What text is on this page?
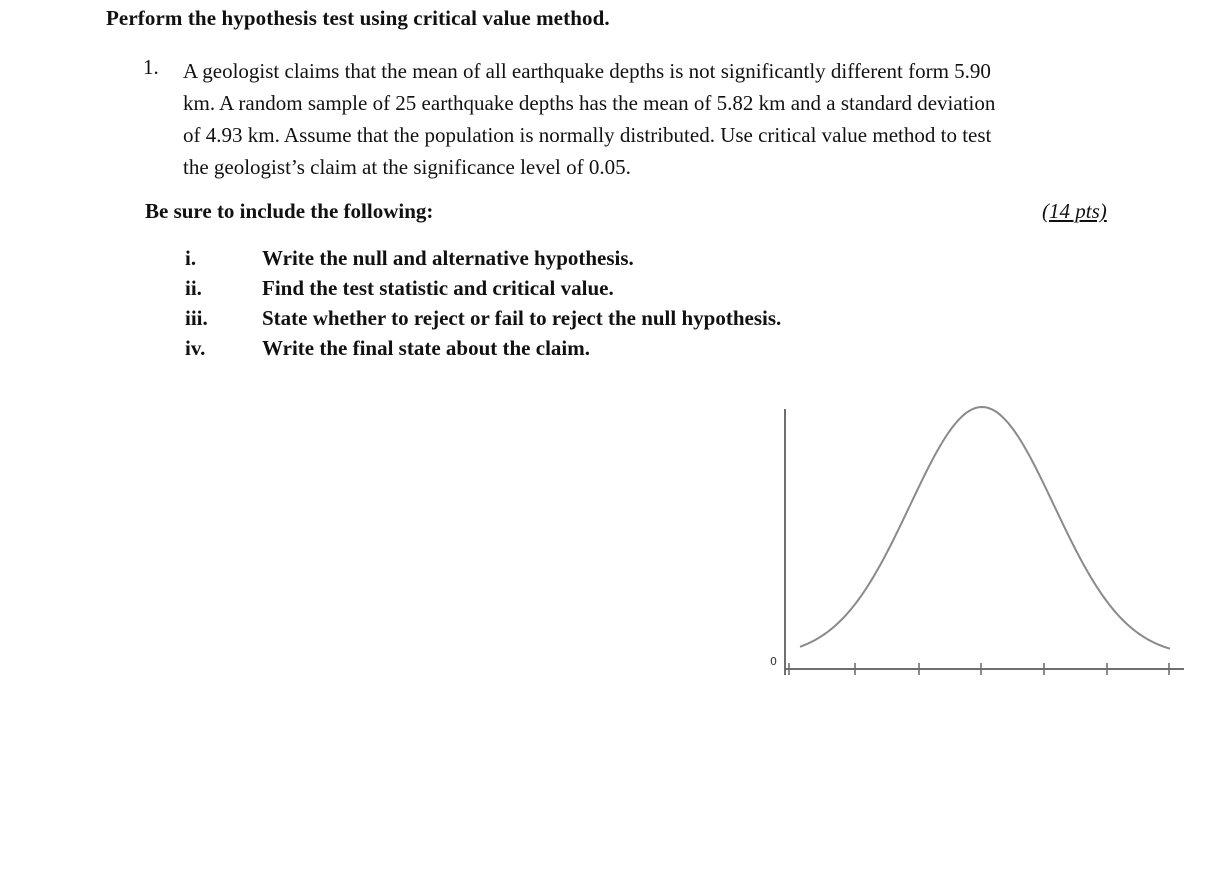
Perform the hypothesis test using critical value method.
1. A geologist claims that the mean of all earthquake depths is not significantly different form 5.90
km. A random sample of 25 earthquake depths has the mean of 5.82 km and a standard deviation
of 4.93 km. Assume that the population is normally distributed. Use critical value method to test
the geologist’s claim at the significance level of 0.05.
Be sure to include the following:	(14 pts)
i.	Write the null and alternative hypothesis.
ii.	Find the test statistic and critical value.
iii.	State whether to reject or fail to reject the null hypothesis.
iv.	Write the final state about the claim.
0
